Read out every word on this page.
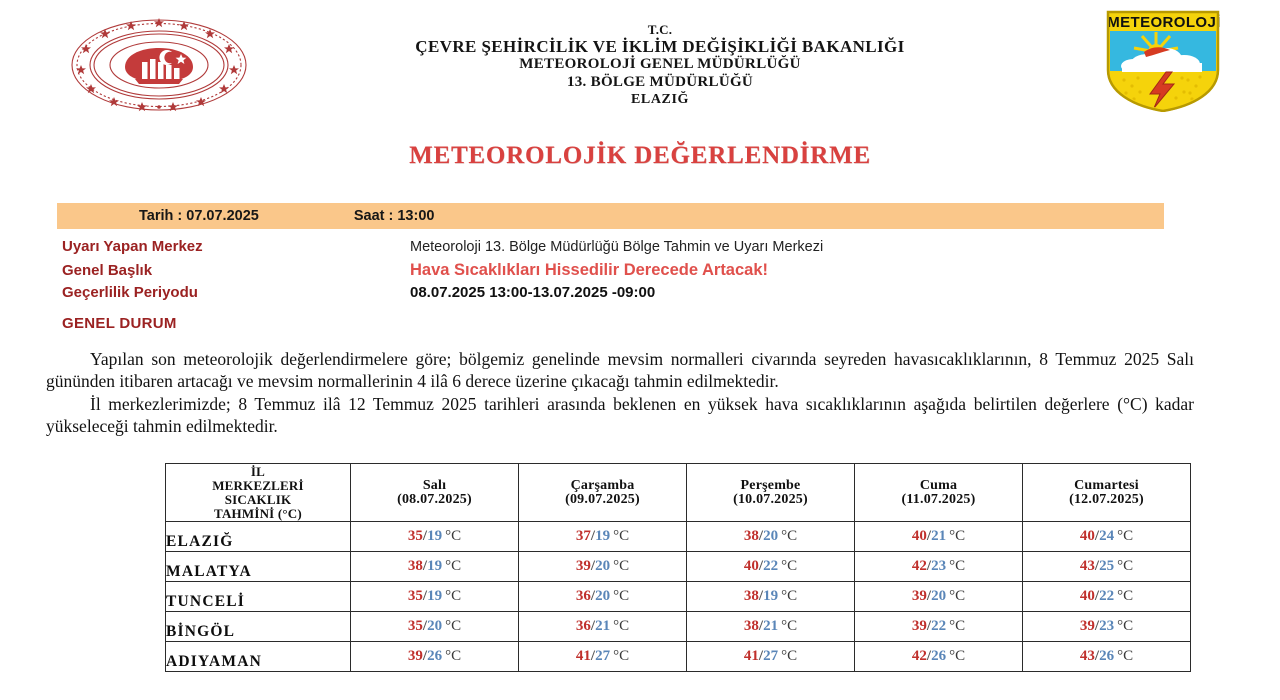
T.C.
ÇEVRE ŞEHİRCİLİK VE İKLİM DEĞİŞİKLİĞİ BAKANLIĞI
METEOROLOJİ GENEL MÜDÜRLÜĞÜ
13. BÖLGE MÜDÜRLÜĞÜ
ELAZIĞ
METEOROLOJİ
METEOROLOJİK DEĞERLENDİRME
Tarih : 07.07.2025	Saat : 13:00
Uyarı Yapan Merkez	Meteoroloji 13. Bölge Müdürlüğü Bölge Tahmin ve Uyarı Merkezi
Genel Başlık	Hava Sıcaklıkları Hissedilir Derecede Artacak!
Geçerlilik Periyodu	08.07.2025 13:00-13.07.2025 -09:00
GENEL DURUM

Yapılan son meteorolojik değerlendirmelere göre; bölgemiz genelinde mevsim normalleri civarında seyreden havasıcaklıklarının, 8 Temmuz 2025 Salı gününden itibaren artacağı ve mevsim normallerinin 4 ilâ 6 derece üzerine çıkacağı tahmin edilmektedir.

İl merkezlerimizde; 8 Temmuz ilâ 12 Temmuz 2025 tarihleri arasında beklenen en yüksek hava sıcaklıklarının aşağıda belirtilen değerlere (°C) kadar yükseleceği tahmin edilmektedir.

İL
MERKEZLERİ
SICAKLIK
TAHMİNİ (°C)

Salı
(08.07.2025)

Çarşamba
(09.07.2025)

Perşembe
(10.07.2025)

Cuma
(11.07.2025)

Cumartesi
(12.07.2025)

ELAZIĞ	35/19 °C	37/19 °C	38/20 °C	40/21 °C	40/24 °C
MALATYA	38/19 °C	39/20 °C	40/22 °C	42/23 °C	43/25 °C
TUNCELİ	35/19 °C	36/20 °C	38/19 °C	39/20 °C	40/22 °C
BİNGÖL	35/20 °C	36/21 °C	38/21 °C	39/22 °C	39/23 °C
ADIYAMAN	39/26 °C	41/27 °C	41/27 °C	42/26 °C	43/26 °C
